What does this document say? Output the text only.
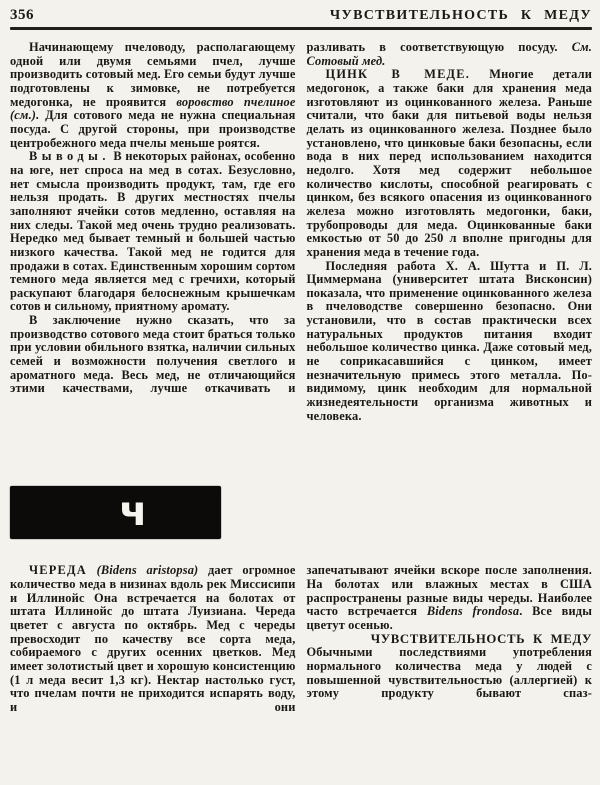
356	ЧУВСТВИТЕЛЬНОСТЬ К МЕДУ

Начинающему пчеловоду, располагающему одной или двумя семьями пчел, лучше производить сотовый мед. Его семьи будут лучше подготовлены к зимовке, не потребуется медогонка, не проявится воровство пчелиное (см.). Для сотового меда не нужна специальная посуда. С другой стороны, при производстве центробежного меда пчелы меньше роятся.

Выводы. В некоторых районах, особенно на юге, нет спроса на мед в сотах. Безусловно, нет смысла производить продукт, там, где его нельзя продать. В других местностях пчелы заполняют ячейки сотов медленно, оставляя на них следы. Такой мед очень трудно реализовать. Нередко мед бывает темный и большей частью низкого качества. Такой мед не годится для продажи в сотах. Единственным хорошим сортом темного меда является мед с гречихи, который раскупают благодаря белоснежным крышечкам сотов и сильному, приятному аромату.

В заключение нужно сказать, что за производство сотового меда стоит браться только при условии обильного взятка, наличии сильных семей и возможности получения светлого и ароматного меда. Весь мед, не отличающийся этими качествами, лучше откачивать и

разливать в соответствующую посуду. См. Сотовый мед.

ЦИНК В МЕДЕ. Многие детали медогонок, а также баки для хранения меда изготовляют из оцинкованного железа. Раньше считали, что баки для питьевой воды нельзя делать из оцинкованного железа. Позднее было установлено, что цинковые баки безопасны, если вода в них перед использованием находится недолго. Хотя мед содержит небольшое количество кислоты, способной реагировать с цинком, без всякого опасения из оцинкованного железа можно изготовлять медогонки, баки, трубопроводы для меда. Оцинкованные баки емкостью от 50 до 250 л вполне пригодны для хранения меда в течение года.

Последняя работа Х. А. Шутта и П. Л. Циммермана (университет штата Висконсин) показала, что применение оцинкованного железа в пчеловодстве совершенно безопасно. Они установили, что в состав практически всех натуральных продуктов питания входит небольшое количество цинка. Даже сотовый мед, не соприкасавшийся с цинком, имеет незначительную примесь этого металла. По-видимому, цинк необходим для нормальной жизнедеятельности организма животных и человека.

ч

ЧЕРЕДА (Bidens aristopsa) дает огромное количество меда в низинах вдоль рек Миссисипи и Иллинойс Она встречается на болотах от штата Иллинойс до штата Луизиана. Череда цветет с августа по октябрь. Мед с череды превосходит по качеству все сорта меда, собираемого с других осенних цветков. Мед имеет золотистый цвет и хорошую консистенцию (1 л меда весит 1,3 кг). Нектар настолько густ, что пчелам почти не приходится испарять воду, и они

запечатывают ячейки вскоре после заполнения. На болотах или влажных местах в США распространены разные виды череды. Наиболее часто встречается Bidens frondosa. Все виды цветут осенью.

ЧУВСТВИТЕЛЬНОСТЬ К МЕДУ

Обычными последствиями употребления нормального количества меда у людей с повышенной чувствительностью (аллергией) к этому продукту бывают спаз-
